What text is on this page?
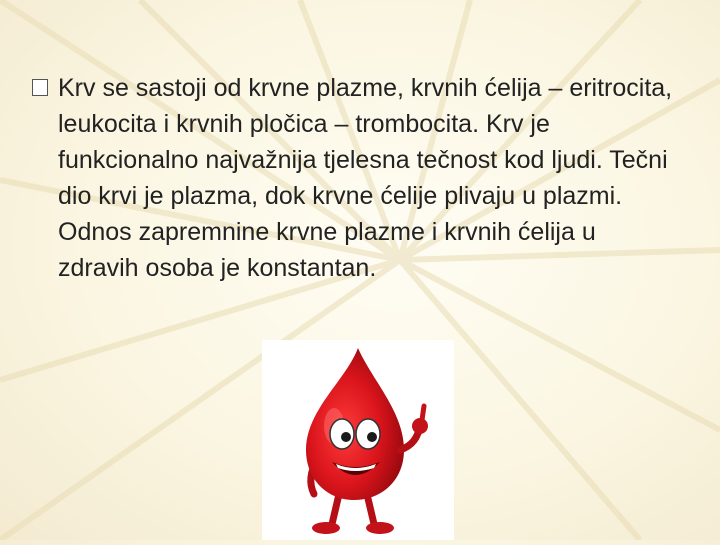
Krv se sastoji od krvne plazme, krvnih ćelija – eritrocita, leukocita i krvnih pločica – trombocita. Krv je funkcionalno najvažnija tjelesna tečnost kod ljudi. Tečni dio krvi je plazma, dok krvne ćelije plivaju u plazmi. Odnos zapremnine krvne plazme i krvnih ćelija u zdravih osoba je konstantan.
